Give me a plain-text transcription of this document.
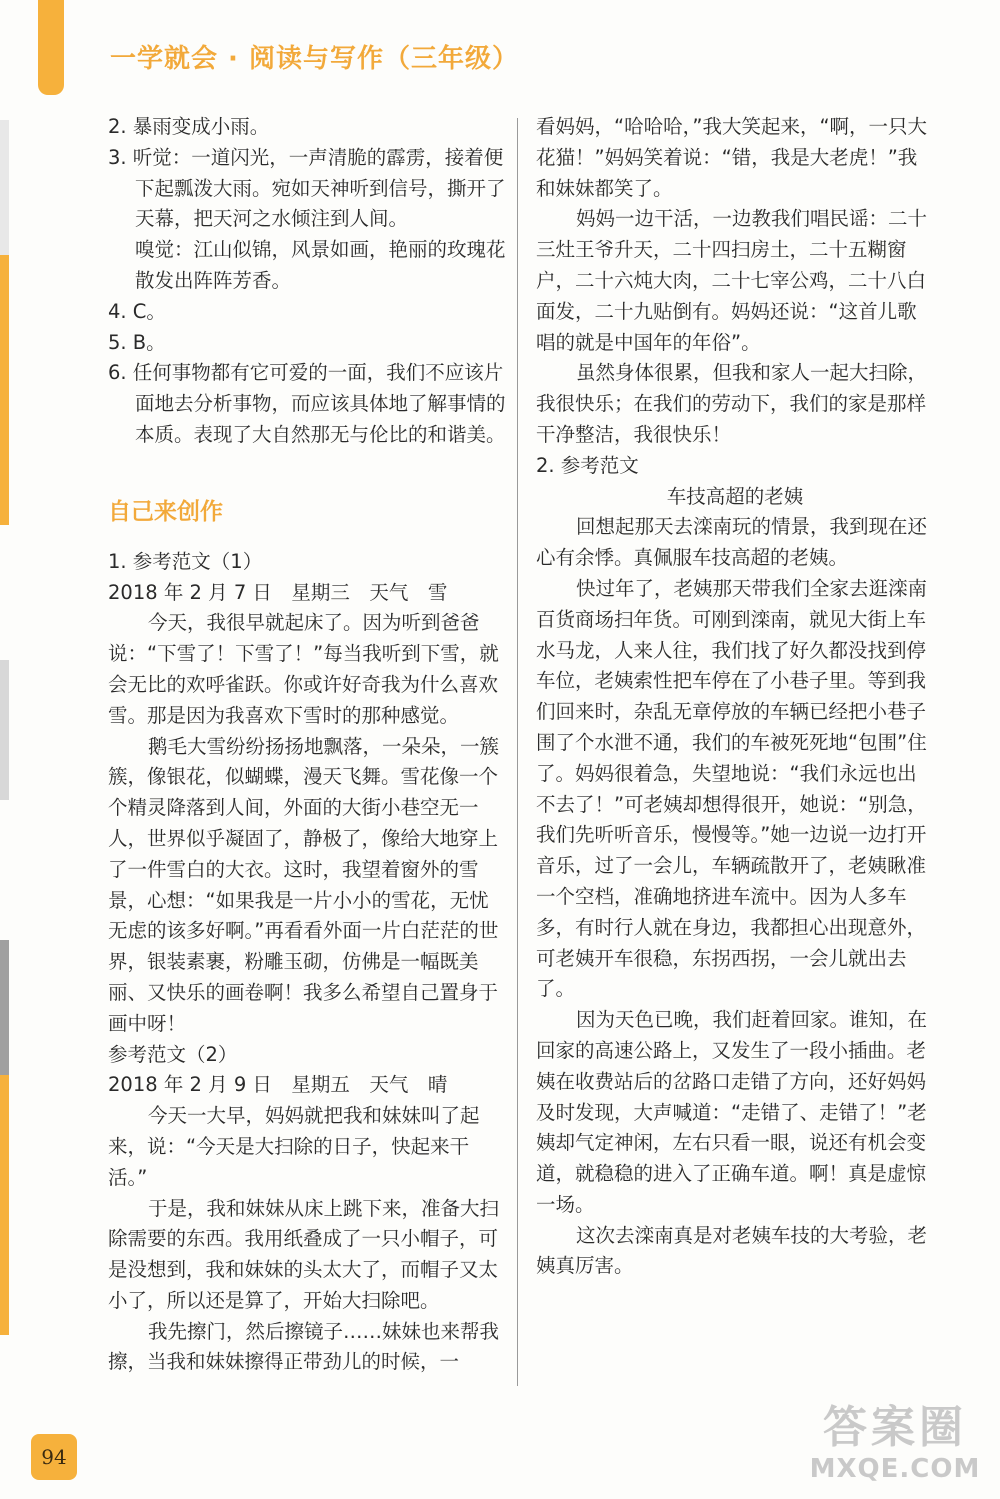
一学就会 · 阅读与写作（三年级）

2. 暴雨变成小雨。

3. 听觉：一道闪光，一声清脆的霹雳，接着便下起瓢泼大雨。宛如天神听到信号，撕开了天幕，把天河之水倾注到人间。

嗅觉：江山似锦，风景如画，艳丽的玫瑰花散发出阵阵芳香。

4. C。

5. B。

6. 任何事物都有它可爱的一面，我们不应该片面地去分析事物，而应该具体地了解事情的本质。表现了大自然那无与伦比的和谐美。

自己来创作

1. 参考范文（1）

2018 年 2 月 7 日　星期三　天气　雪

今天，我很早就起床了。因为听到爸爸说：“下雪了！下雪了！”每当我听到下雪，就会无比的欢呼雀跃。你或许好奇我为什么喜欢雪。那是因为我喜欢下雪时的那种感觉。

鹅毛大雪纷纷扬扬地飘落，一朵朵，一簇簇，像银花，似蝴蝶，漫天飞舞。雪花像一个个精灵降落到人间，外面的大街小巷空无一人，世界似乎凝固了，静极了，像给大地穿上了一件雪白的大衣。这时，我望着窗外的雪景，心想：“如果我是一片小小的雪花，无忧无虑的该多好啊。”再看看外面一片白茫茫的世界，银装素裹，粉雕玉砌，仿佛是一幅既美丽、又快乐的画卷啊！我多么希望自己置身于画中呀！

参考范文（2）

2018 年 2 月 9 日　星期五　天气　晴

今天一大早，妈妈就把我和妹妹叫了起来，说：“今天是大扫除的日子，快起来干活。”

于是，我和妹妹从床上跳下来，准备大扫除需要的东西。我用纸叠成了一只小帽子，可是没想到，我和妹妹的头太大了，而帽子又太小了，所以还是算了，开始大扫除吧。

我先擦门，然后擦镜子……妹妹也来帮我擦，当我和妹妹擦得正带劲儿的时候，一

看妈妈，“哈哈哈，”我大笑起来，“啊，一只大花猫！”妈妈笑着说：“错，我是大老虎！”我和妹妹都笑了。

妈妈一边干活，一边教我们唱民谣：二十三灶王爷升天，二十四扫房土，二十五糊窗户，二十六炖大肉，二十七宰公鸡，二十八白面发，二十九贴倒有。妈妈还说：“这首儿歌唱的就是中国年的年俗”。

虽然身体很累，但我和家人一起大扫除，我很快乐；在我们的劳动下，我们的家是那样干净整洁，我很快乐！

2. 参考范文

车技高超的老姨

回想起那天去滦南玩的情景，我到现在还心有余悸。真佩服车技高超的老姨。

快过年了，老姨那天带我们全家去逛滦南百货商场扫年货。可刚到滦南，就见大街上车水马龙，人来人往，我们找了好久都没找到停车位，老姨索性把车停在了小巷子里。等到我们回来时，杂乱无章停放的车辆已经把小巷子围了个水泄不通，我们的车被死死地“包围”住了。妈妈很着急，失望地说：“我们永远也出不去了！”可老姨却想得很开，她说：“别急，我们先听听音乐，慢慢等。”她一边说一边打开音乐，过了一会儿，车辆疏散开了，老姨瞅准一个空档，准确地挤进车流中。因为人多车多，有时行人就在身边，我都担心出现意外，可老姨开车很稳，东拐西拐，一会儿就出去了。

因为天色已晚，我们赶着回家。谁知，在回家的高速公路上，又发生了一段小插曲。老姨在收费站后的岔路口走错了方向，还好妈妈及时发现，大声喊道：“走错了、走错了！”老姨却气定神闲，左右只看一眼，说还有机会变道，就稳稳的进入了正确车道。啊！真是虚惊一场。

这次去滦南真是对老姨车技的大考验，老姨真厉害。

94
答案圈
MXQE.COM
